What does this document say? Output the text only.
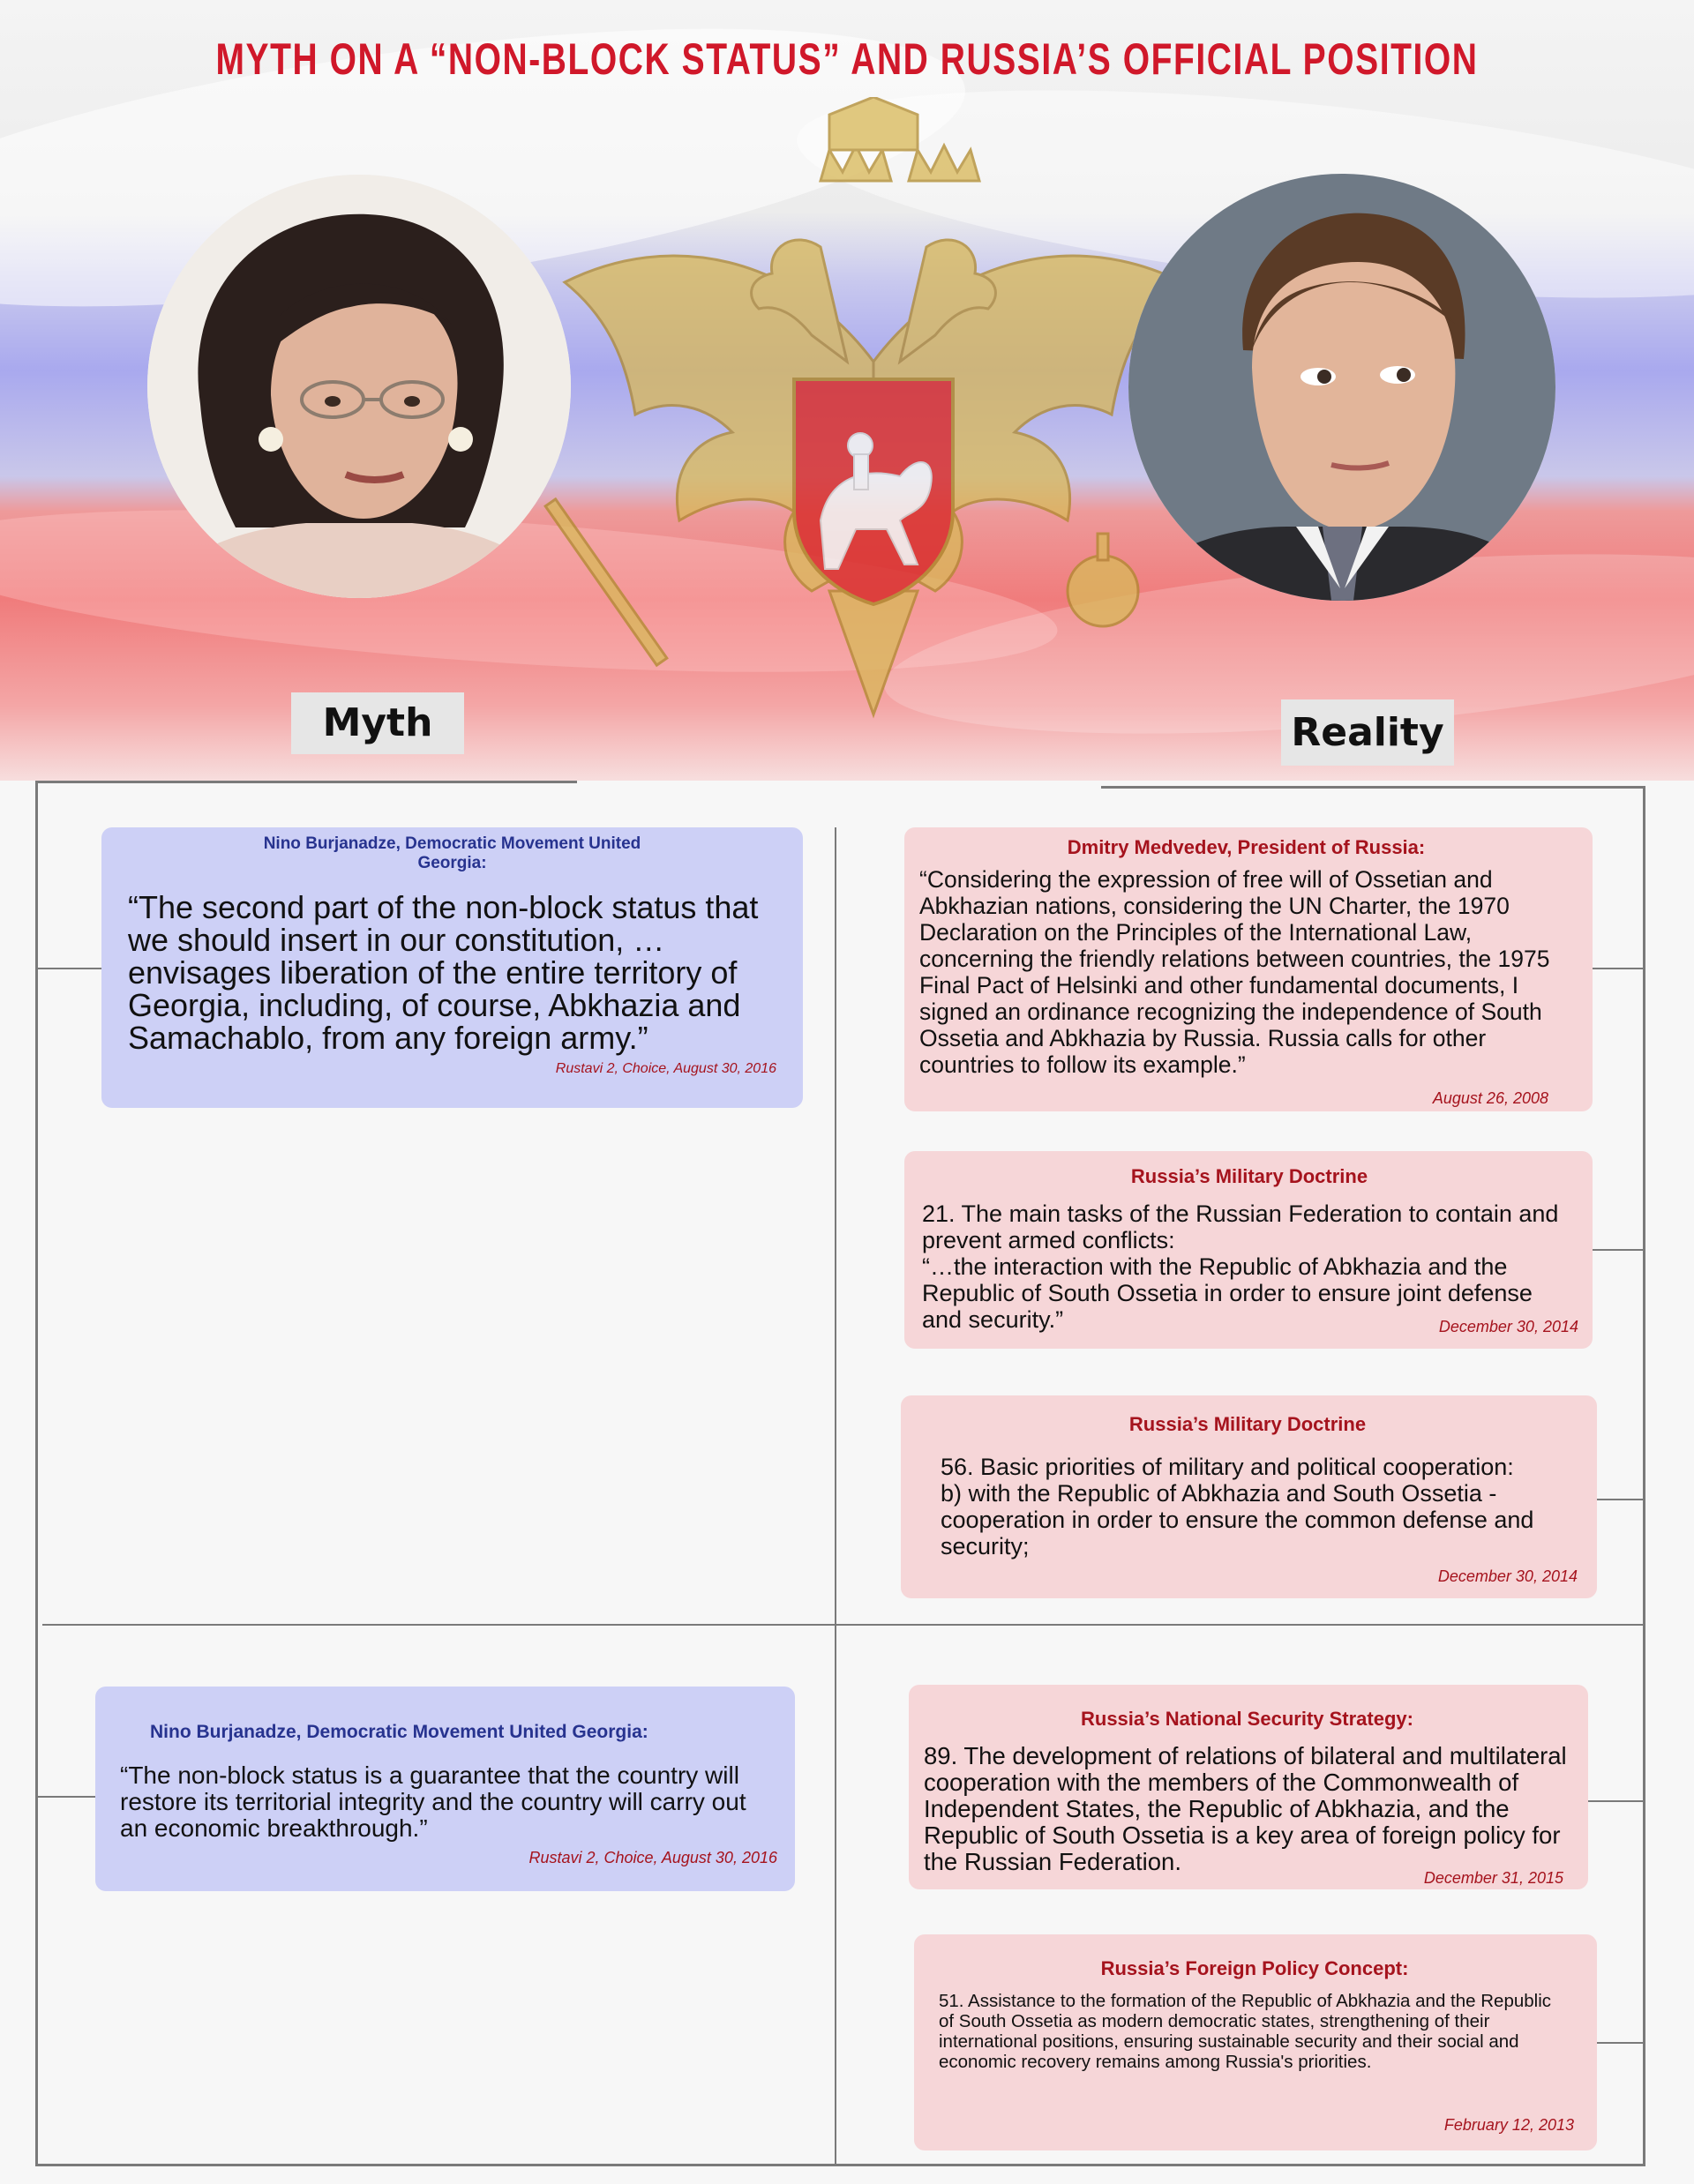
MYTH ON A “NON-BLOCK STATUS” AND RUSSIA’S OFFICIAL POSITION
Myth	Reality
Nino Burjanadze, Democratic Movement United Georgia:
“The second part of the non-block status that we should insert in our constitution, … envisages liberation of the entire territory of Georgia, including, of course, Abkhazia and Samachablo, from any foreign army.”
Rustavi 2, Choice, August 30, 2016
Nino Burjanadze, Democratic Movement United Georgia:
“The non-block status is a guarantee that the country will restore its territorial integrity and the country will carry out an economic breakthrough.”
Rustavi 2, Choice, August 30, 2016
Dmitry Medvedev, President of Russia:
“Considering the expression of free will of Ossetian and Abkhazian nations, considering the UN Charter, the 1970 Declaration on the Principles of the International Law, concerning the friendly relations between countries, the 1975 Final Pact of Helsinki and other fundamental documents, I signed an ordinance recognizing the independence of South Ossetia and Abkhazia by Russia. Russia calls for other countries to follow its example.”
August 26, 2008
Russia’s Military Doctrine
21. The main tasks of the Russian Federation to contain and prevent armed conflicts:
“…the interaction with the Republic of Abkhazia and the Republic of South Ossetia in order to ensure joint defense and security.”	December 30, 2014
Russia’s Military Doctrine
56. Basic priorities of military and political cooperation:
b) with the Republic of Abkhazia and South Ossetia - cooperation in order to ensure the common defense and security;
December 30, 2014
Russia’s National Security Strategy:
89. The development of relations of bilateral and multilateral cooperation with the members of the Commonwealth of Independent States, the Republic of Abkhazia, and the Republic of South Ossetia is a key area of foreign policy for the Russian Federation.
December 31, 2015
Russia’s Foreign Policy Concept:
51. Assistance to the formation of the Republic of Abkhazia and the Republic of South Ossetia as modern democratic states, strengthening of their international positions, ensuring sustainable security and their social and economic recovery remains among Russia's priorities.
February 12, 2013
